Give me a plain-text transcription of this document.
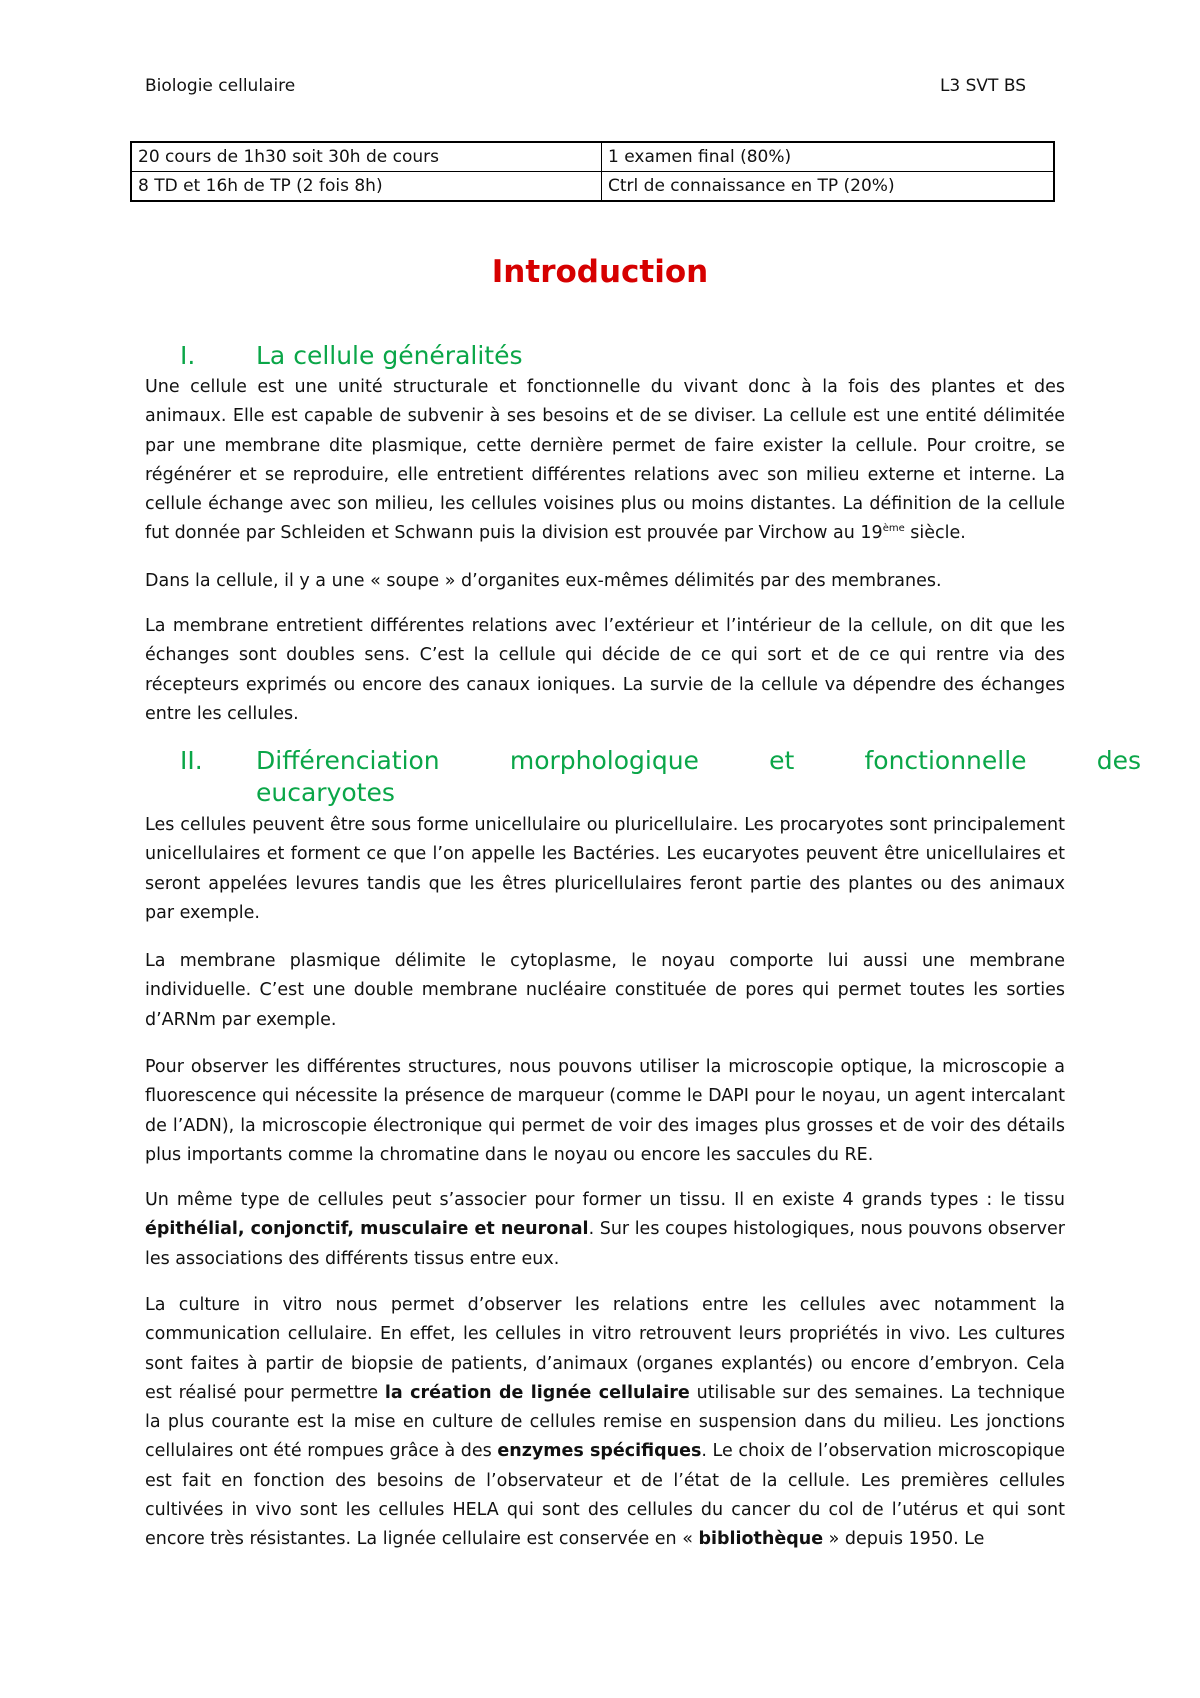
Biologie cellulaire	L3 SVT BS
20 cours de 1h30 soit 30h de cours	1 examen final (80%)
8 TD et 16h de TP (2 fois 8h)	Ctrl de connaissance en TP (20%)
Introduction
I. La cellule généralités
Une cellule est une unité structurale et fonctionnelle du vivant donc à la fois des plantes et des animaux. Elle est capable de subvenir à ses besoins et de se diviser. La cellule est une entité délimitée par une membrane dite plasmique, cette dernière permet de faire exister la cellule. Pour croitre, se régénérer et se reproduire, elle entretient différentes relations avec son milieu externe et interne. La cellule échange avec son milieu, les cellules voisines plus ou moins distantes. La définition de la cellule fut donnée par Schleiden et Schwann puis la division est prouvée par Virchow au 19ème siècle.
Dans la cellule, il y a une « soupe » d’organites eux-mêmes délimités par des membranes.
La membrane entretient différentes relations avec l’extérieur et l’intérieur de la cellule, on dit que les échanges sont doubles sens. C’est la cellule qui décide de ce qui sort et de ce qui rentre via des récepteurs exprimés ou encore des canaux ioniques. La survie de la cellule va dépendre des échanges entre les cellules.
II. Différenciation morphologique et fonctionnelle des
eucaryotes
Les cellules peuvent être sous forme unicellulaire ou pluricellulaire. Les procaryotes sont principalement unicellulaires et forment ce que l’on appelle les Bactéries. Les eucaryotes peuvent être unicellulaires et seront appelées levures tandis que les êtres pluricellulaires feront partie des plantes ou des animaux par exemple.
La membrane plasmique délimite le cytoplasme, le noyau comporte lui aussi une membrane individuelle. C’est une double membrane nucléaire constituée de pores qui permet toutes les sorties d’ARNm par exemple.
Pour observer les différentes structures, nous pouvons utiliser la microscopie optique, la microscopie a fluorescence qui nécessite la présence de marqueur (comme le DAPI pour le noyau, un agent intercalant de l’ADN), la microscopie électronique qui permet de voir des images plus grosses et de voir des détails plus importants comme la chromatine dans le noyau ou encore les saccules du RE.
Un même type de cellules peut s’associer pour former un tissu. Il en existe 4 grands types : le tissu épithélial, conjonctif, musculaire et neuronal. Sur les coupes histologiques, nous pouvons observer les associations des différents tissus entre eux.
La culture in vitro nous permet d’observer les relations entre les cellules avec notamment la communication cellulaire. En effet, les cellules in vitro retrouvent leurs propriétés in vivo. Les cultures sont faites à partir de biopsie de patients, d’animaux (organes explantés) ou encore d’embryon. Cela est réalisé pour permettre la création de lignée cellulaire utilisable sur des semaines. La technique la plus courante est la mise en culture de cellules remise en suspension dans du milieu. Les jonctions cellulaires ont été rompues grâce à des enzymes spécifiques. Le choix de l’observation microscopique est fait en fonction des besoins de l’observateur et de l’état de la cellule. Les premières cellules cultivées in vivo sont les cellules HELA qui sont des cellules du cancer du col de l’utérus et qui sont encore très résistantes. La lignée cellulaire est conservée en « bibliothèque » depuis 1950. Le
